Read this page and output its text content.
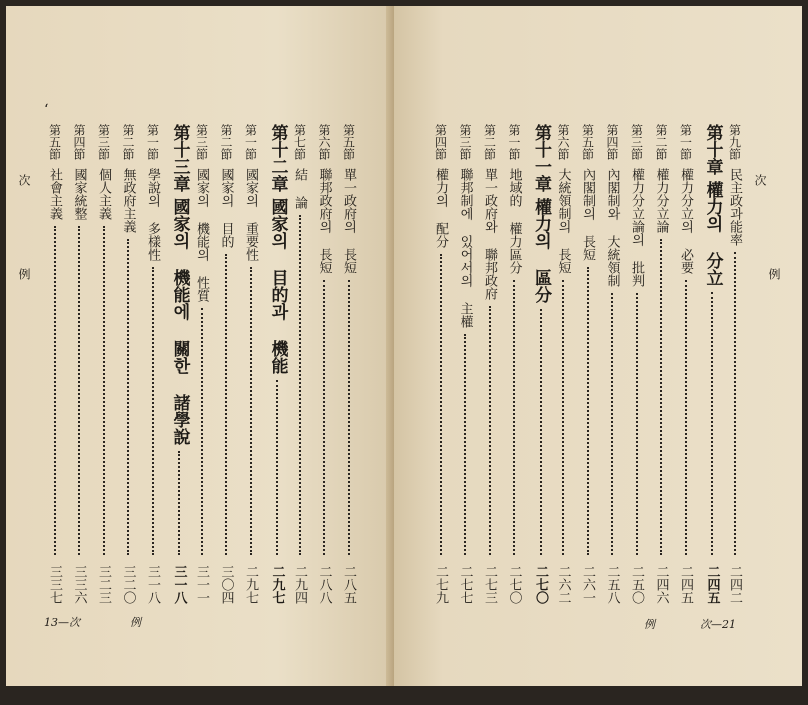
次
例
ʻ
13—次	例
第五節
單一政府의 長短
二八五
第六節
聯邦政府의 長短
二八八
第七節
結 論
二九四
第十二章
國家의 目的과 機能
二九七
第一節
國家의 重要性
二九七
第二節
國家의 目的
三〇四
第三節
國家의 機能의 性質
三一一
第十三章
國家의 機能에 關한 諸學說
三一八
第一節
學說의 多樣性
三一八
第二節
無政府主義
三二〇
第三節
個人主義
三二三
第四節
國家統整
三三六
第五節
社會主義
三三七
次
例
例	次—21
第九節
民主政과能率
二四二
第十章
權力의 分立
二四五
第一節
權力分立의 必要
二四五
第二節
權力分立論
二四六
第三節
權力分立論의 批判
二五〇
第四節
內閣制와 大統領制
二五八
第五節
內閣制의 長短
二六一
第六節
大統領制의 長短
二六二
第十一章
權力의 區分
二七〇
第一節
地域的 權力區分
二七〇
第二節
單一政府와 聯邦政府
二七三
第三節
聯邦制에 있어서의 主權
二七七
第四節
權力의 配分
二七九
